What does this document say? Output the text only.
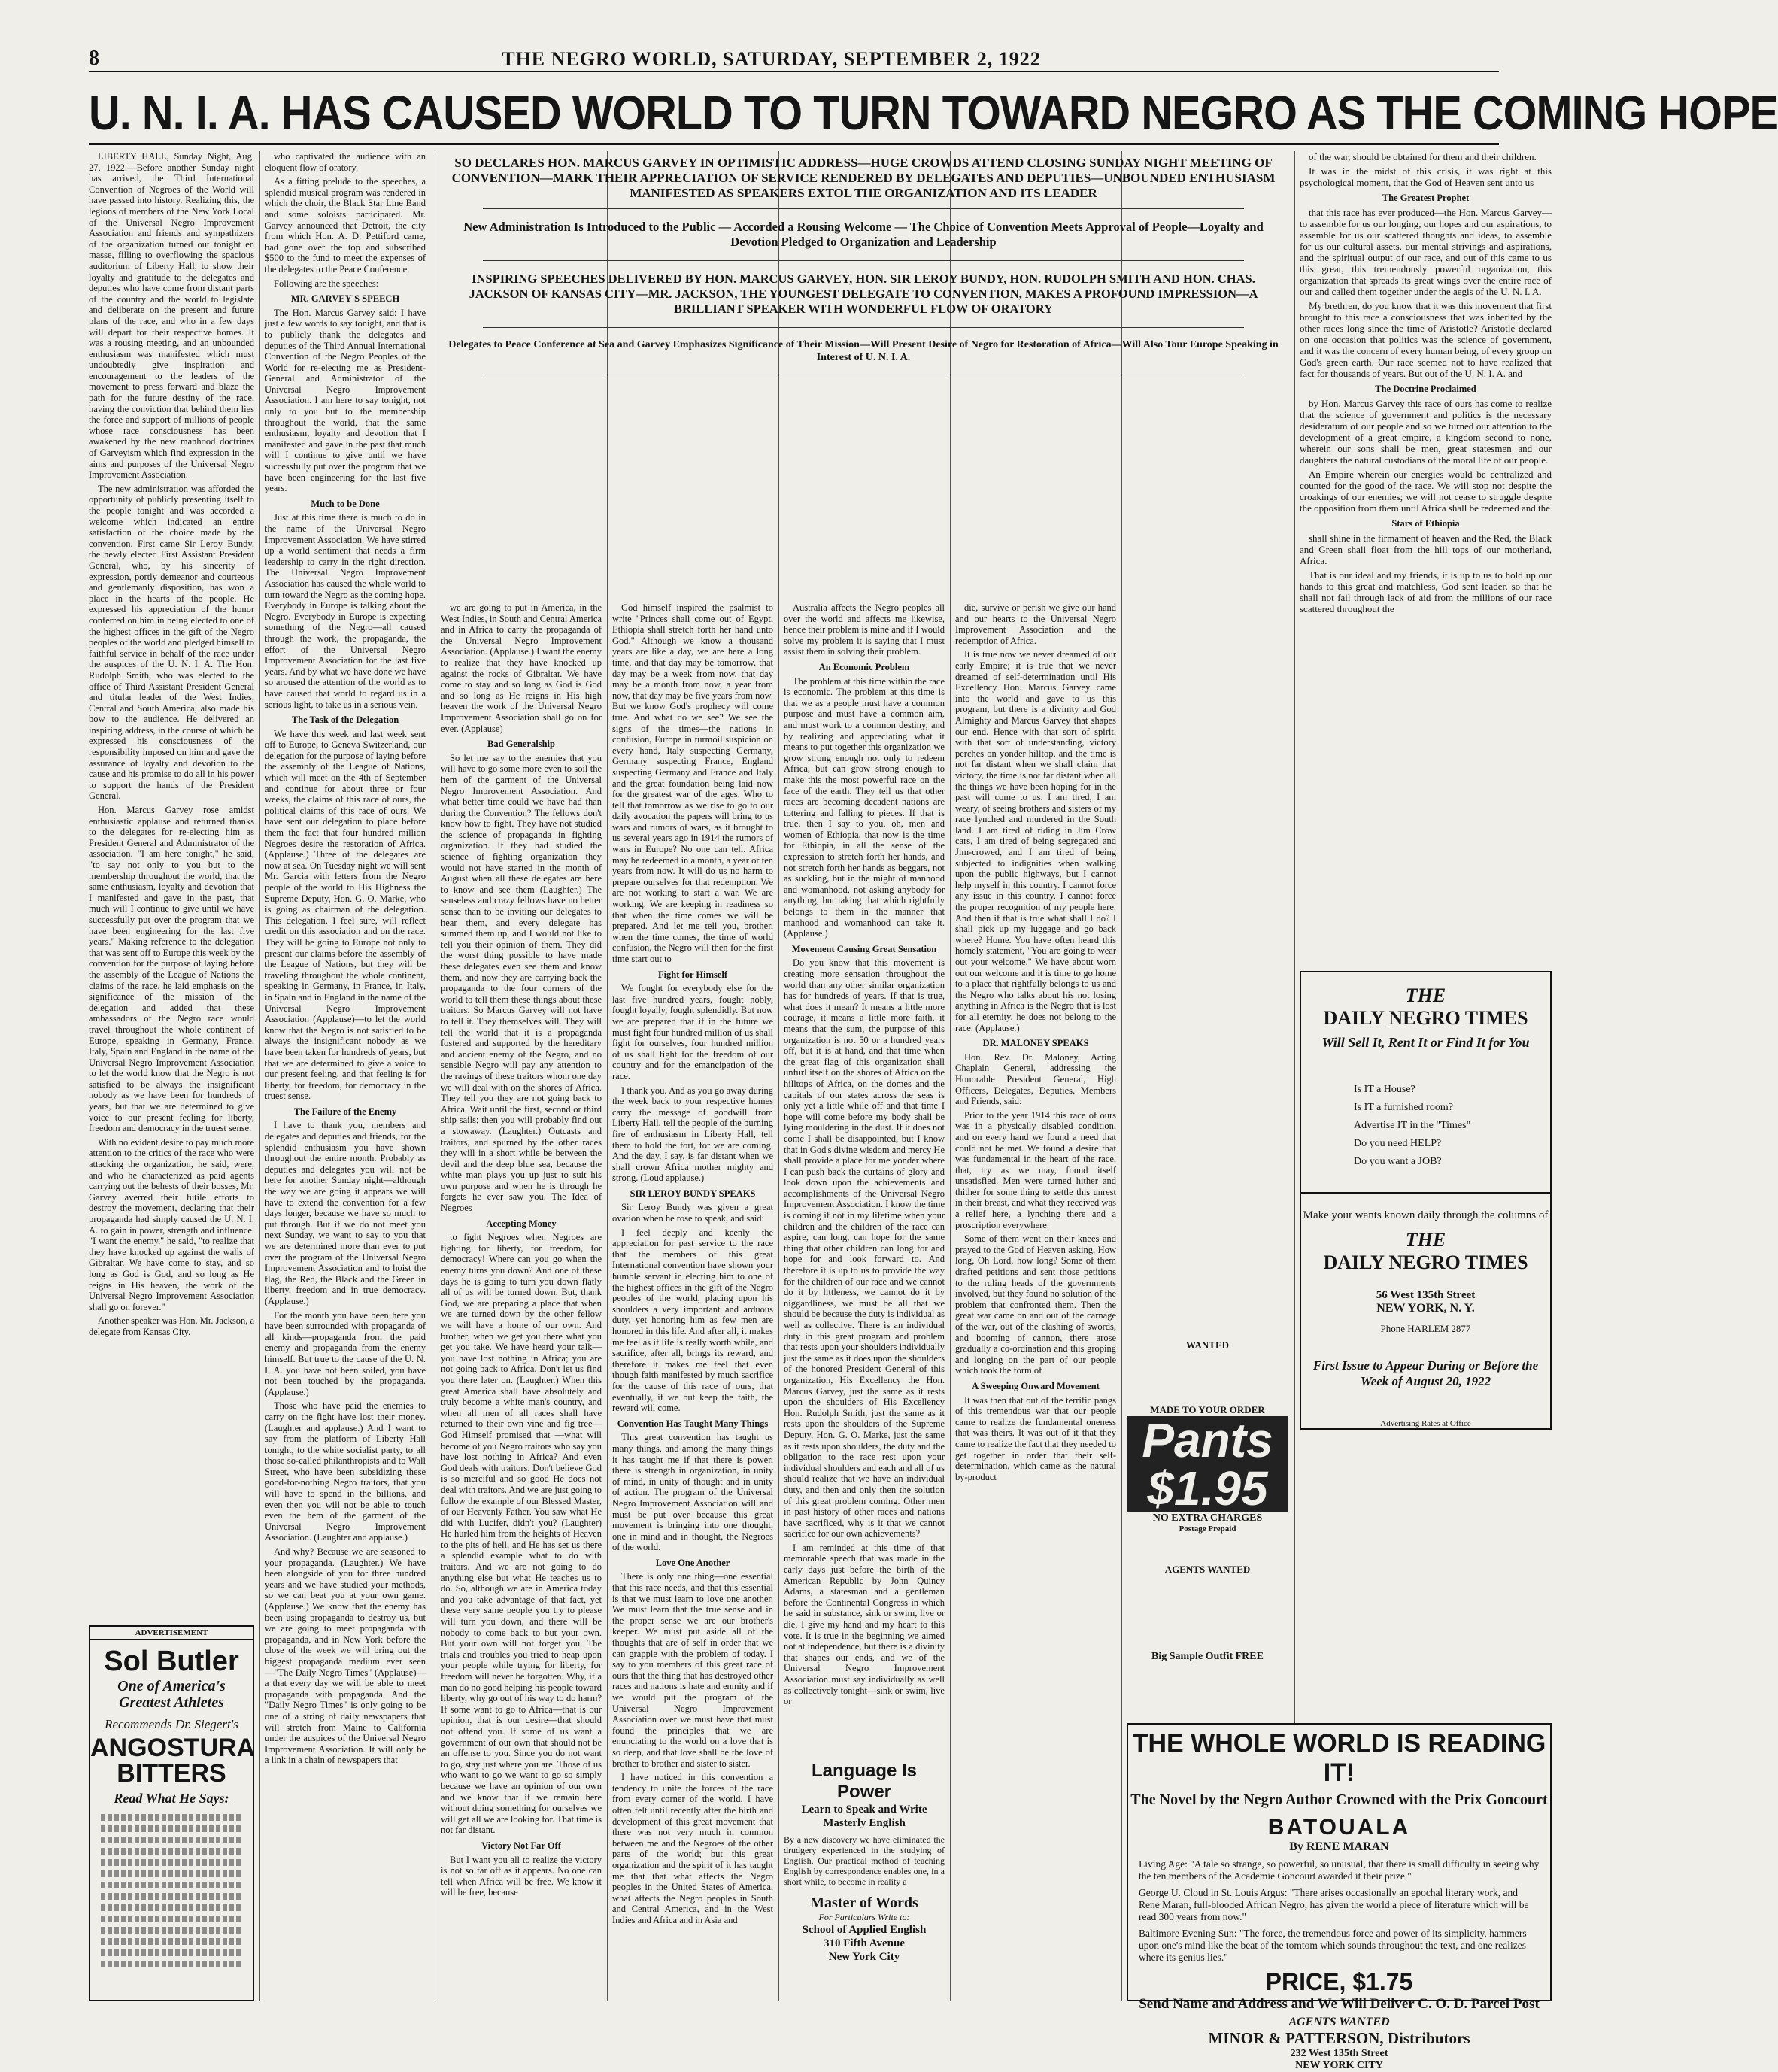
8	THE NEGRO WORLD, SATURDAY, SEPTEMBER 2, 1922
U. N. I. A. HAS CAUSED WORLD TO TURN TOWARD NEGRO AS THE COMING HOPE
SO DECLARES HON. MARCUS GARVEY IN OPTIMISTIC ADDRESS—HUGE CROWDS ATTEND CLOSING SUNDAY NIGHT MEETING OF CONVENTION—MARK THEIR APPRECIATION OF SERVICE RENDERED BY DELEGATES AND DEPUTIES—UNBOUNDED ENTHUSIASM MANIFESTED AS SPEAKERS EXTOL THE ORGANIZATION AND ITS LEADER
New Administration Is Introduced to the Public — Accorded a Rousing Welcome — The Choice of Convention Meets Approval of People—Loyalty and Devotion Pledged to Organization and Leadership
INSPIRING SPEECHES DELIVERED BY HON. MARCUS GARVEY, HON. SIR LEROY BUNDY, HON. RUDOLPH SMITH AND HON. CHAS. JACKSON OF KANSAS CITY—MR. JACKSON, THE YOUNGEST DELEGATE TO CONVENTION, MAKES A PROFOUND IMPRESSION—A BRILLIANT SPEAKER WITH WONDERFUL FLOW OF ORATORY
Delegates to Peace Conference at Sea and Garvey Emphasizes Significance of Their Mission—Will Present Desire of Negro for Restoration of Africa—Will Also Tour Europe Speaking in Interest of U. N. I. A.

LIBERTY HALL, Sunday Night, Aug. 27, 1922.—Before another Sunday night has arrived, the Third International Convention of Negroes of the World will have passed into history. Realizing this, the legions of members of the New York Local of the Universal Negro Improvement Association and friends and sympathizers of the organization turned out tonight en masse, filling to overflowing the spacious auditorium of Liberty Hall, to show their loyalty and gratitude to the delegates and deputies who have come from distant parts of the country and the world to legislate and deliberate on the present and future plans of the race, and who in a few days will depart for their respective homes. It was a rousing meeting, and an unbounded enthusiasm was manifested which must undoubtedly give inspiration and encouragement to the leaders of the movement to press forward and blaze the path for the future destiny of the race, having the conviction that behind them lies the force and support of millions of people whose race consciousness has been awakened by the new manhood doctrines of Garveyism which find expression in the aims and purposes of the Universal Negro Improvement Association.

The new administration was afforded the opportunity of publicly presenting itself to the people tonight and was accorded a welcome which indicated an entire satisfaction of the choice made by the convention. First came Sir Leroy Bundy, the newly elected First Assistant President General, who, by his sincerity of expression, portly demeanor and courteous and gentlemanly disposition, has won a place in the hearts of the people. He expressed his appreciation of the honor conferred on him in being elected to one of the highest offices in the gift of the Negro peoples of the world and pledged himself to faithful service in behalf of the race under the auspices of the U. N. I. A. The Hon. Rudolph Smith, who was elected to the office of Third Assistant President General and titular leader of the West Indies, Central and South America, also made his bow to the audience. He delivered an inspiring address, in the course of which he expressed his consciousness of the responsibility imposed on him and gave the assurance of loyalty and devotion to the cause and his promise to do all in his power to support the hands of the President General.

Hon. Marcus Garvey rose amidst enthusiastic applause and returned thanks to the delegates for re-electing him as President General and Administrator of the association. "I am here tonight," he said, "to say not only to you but to the membership throughout the world, that the same enthusiasm, loyalty and devotion that I manifested and gave in the past, that much will I continue to give until we have successfully put over the program that we have been engineering for the last five years." Making reference to the delegation that was sent off to Europe this week by the convention for the purpose of laying before the assembly of the League of Nations the claims of the race, he laid emphasis on the significance of the mission of the delegation and added that these ambassadors of the Negro race would travel throughout the whole continent of Europe, speaking in Germany, France, Italy, Spain and England in the name of the Universal Negro Improvement Association to let the world know that the Negro is not satisfied to be always the insignificant nobody as we have been for hundreds of years, but that we are determined to give voice to our present feeling for liberty, freedom and democracy in the truest sense.

With no evident desire to pay much more attention to the critics of the race who were attacking the organization, he said, were, and who he characterized as paid agents carrying out the behests of their bosses, Mr. Garvey averred their futile efforts to destroy the movement, declaring that their propaganda had simply caused the U. N. I. A. to gain in power, strength and influence. "I want the enemy," he said, "to realize that they have knocked up against the walls of Gibraltar. We have come to stay, and so long as God is God, and so long as He reigns in His heaven, the work of the Universal Negro Improvement Association shall go on forever."

Another speaker was Hon. Mr. Jackson, a delegate from Kansas City.

who captivated the audience with an eloquent flow of oratory.

As a fitting prelude to the speeches, a splendid musical program was rendered in which the choir, the Black Star Line Band and some soloists participated. Mr. Garvey announced that Detroit, the city from which Hon. A. D. Pettiford came, had gone over the top and subscribed $500 to the fund to meet the expenses of the delegates to the Peace Conference.

Following are the speeches:

MR. GARVEY'S SPEECH

The Hon. Marcus Garvey said: I have just a few words to say tonight, and that is to publicly thank the delegates and deputies of the Third Annual International Convention of the Negro Peoples of the World for re-electing me as President-General and Administrator of the Universal Negro Improvement Association. I am here to say tonight, not only to you but to the membership throughout the world, that the same enthusiasm, loyalty and devotion that I manifested and gave in the past that much will I continue to give until we have successfully put over the program that we have been engineering for the last five years.

Much to be Done

Just at this time there is much to do in the name of the Universal Negro Improvement Association. We have stirred up a world sentiment that needs a firm leadership to carry in the right direction. The Universal Negro Improvement Association has caused the whole world to turn toward the Negro as the coming hope. Everybody in Europe is talking about the Negro. Everybody in Europe is expecting something of the Negro—all caused through the work, the propaganda, the effort of the Universal Negro Improvement Association for the last five years. And by what we have done we have so aroused the attention of the world as to have caused that world to regard us in a serious light, to take us in a serious vein.

The Task of the Delegation

We have this week and last week sent off to Europe, to Geneva Switzerland, our delegation for the purpose of laying before the assembly of the League of Nations, which will meet on the 4th of September and continue for about three or four weeks, the claims of this race of ours, the political claims of this race of ours. We have sent our delegation to place before them the fact that four hundred million Negroes desire the restoration of Africa. (Applause.) Three of the delegates are now at sea. On Tuesday night we will sent Mr. Garcia with letters from the Negro people of the world to His Highness the Supreme Deputy, Hon. G. O. Marke, who is going as chairman of the delegation. This delegation, I feel sure, will reflect credit on this association and on the race. They will be going to Europe not only to present our claims before the assembly of the League of Nations, but they will be traveling throughout the whole continent, speaking in Germany, in France, in Italy, in Spain and in England in the name of the Universal Negro Improvement Association (Applause)—to let the world know that the Negro is not satisfied to be always the insignificant nobody as we have been taken for hundreds of years, but that we are determined to give a voice to our present feeling, and that feeling is for liberty, for freedom, for democracy in the truest sense.

The Failure of the Enemy

I have to thank you, members and delegates and deputies and friends, for the splendid enthusiasm you have shown throughout the entire month. Probably as deputies and delegates you will not be here for another Sunday night—although the way we are going it appears we will have to extend the convention for a few days longer, because we have so much to put through. But if we do not meet you next Sunday, we want to say to you that we are determined more than ever to put over the program of the Universal Negro Improvement Association and to hoist the flag, the Red, the Black and the Green in liberty, freedom and in true democracy. (Applause.)

For the month you have been here you have been surrounded with propaganda of all kinds—propaganda from the paid enemy and propaganda from the enemy himself. But true to the cause of the U. N. I. A. you have not been soiled, you have not been touched by the propaganda. (Applause.)

Those who have paid the enemies to carry on the fight have lost their money. (Laughter and applause.) And I want to say from the platform of Liberty Hall tonight, to the white socialist party, to all those so-called philanthropists and to Wall Street, who have been subsidizing these good-for-nothing Negro traitors, that you will have to spend in the billions, and even then you will not be able to touch even the hem of the garment of the Universal Negro Improvement Association. (Laughter and applause.)

And why? Because we are seasoned to your propaganda. (Laughter.) We have been alongside of you for three hundred years and we have studied your methods, so we can beat you at your own game. (Applause.) We know that the enemy has been using propaganda to destroy us, but we are going to meet propaganda with propaganda, and in New York before the close of the week we will bring out the biggest propaganda medium ever seen—"The Daily Negro Times" (Applause)—a that every day we will be able to meet propaganda with propaganda. And the "Daily Negro Times" is only going to be one of a string of daily newspapers that will stretch from Maine to California under the auspices of the Universal Negro Improvement Association. It will only be a link in a chain of newspapers that

we are going to put in America, in the West Indies, in South and Central America and in Africa to carry the propaganda of the Universal Negro Improvement Association. (Applause.) I want the enemy to realize that they have knocked up against the rocks of Gibraltar. We have come to stay and so long as God is God and so long as He reigns in His high heaven the work of the Universal Negro Improvement Association shall go on for ever. (Applause)

Bad Generalship

So let me say to the enemies that you will have to go some more even to soil the hem of the garment of the Universal Negro Improvement Association. And what better time could we have had than during the Convention? The fellows don't know how to fight. They have not studied the science of propaganda in fighting organization. If they had studied the science of fighting organization they would not have started in the month of August when all these delegates are here to know and see them (Laughter.) The senseless and crazy fellows have no better sense than to be inviting our delegates to hear them, and every delegate has summed them up, and I would not like to tell you their opinion of them. They did the worst thing possible to have made these delegates even see them and know them, and now they are carrying back the propaganda to the four corners of the world to tell them these things about these traitors. So Marcus Garvey will not have to tell it. They themselves will. They will tell the world that it is a propaganda fostered and supported by the hereditary and ancient enemy of the Negro, and no sensible Negro will pay any attention to the ravings of these traitors whom one day we will deal with on the shores of Africa. They tell you they are not going back to Africa. Wait until the first, second or third ship sails; then you will probably find out a stowaway. (Laughter.) Outcasts and traitors, and spurned by the other races they will in a short while be between the devil and the deep blue sea, because the white man plays you up just to suit his own purpose and when he is through he forgets he ever saw you. The Idea of Negroes

Accepting Money

to fight Negroes when Negroes are fighting for liberty, for freedom, for democracy! Where can you go when the enemy turns you down? And one of these days he is going to turn you down flatly all of us will be turned down. But, thank God, we are preparing a place that when we are turned down by the other fellow we will have a home of our own. And brother, when we get you there what you get you take. We have heard your talk—you have lost nothing in Africa; you are not going back to Africa. Don't let us find you there later on. (Laughter.) When this great America shall have absolutely and truly become a white man's country, and when all men of all races shall have returned to their own vine and fig tree—God Himself promised that —what will become of you Negro traitors who say you have lost nothing in Africa? And even God deals with traitors. Don't believe God is so merciful and so good He does not deal with traitors. And we are just going to follow the example of our Blessed Master, of our Heavenly Father. You saw what He did with Lucifer, didn't you? (Laughter) He hurled him from the heights of Heaven to the pits of hell, and He has set us there a splendid example what to do with traitors. And we are not going to do anything else but what He teaches us to do. So, although we are in America today and you take advantage of that fact, yet these very same people you try to please will turn you down, and there will be nobody to come back to but your own. But your own will not forget you. The trials and troubles you tried to heap upon your people while trying for liberty, for freedom will never be forgotten. Why, if a man do no good helping his people toward liberty, why go out of his way to do harm? If some want to go to Africa—that is our opinion, that is our desire—that should not offend you. If some of us want a government of our own that should not be an offense to you. Since you do not want to go, stay just where you are. Those of us who want to go we want to go so simply because we have an opinion of our own and we know that if we remain here without doing something for ourselves we will get all we are looking for. That time is not far distant.

Victory Not Far Off

But I want you all to realize the victory is not so far off as it appears. No one can tell when Africa will be free. We know it will be free, because

God himself inspired the psalmist to write "Princes shall come out of Egypt, Ethiopia shall stretch forth her hand unto God." Although we know a thousand years are like a day, we are here a long time, and that day may be tomorrow, that day may be a week from now, that day may be a month from now, a year from now, that day may be five years from now. But we know God's prophecy will come true. And what do we see? We see the signs of the times—the nations in confusion, Europe in turmoil suspicion on every hand, Italy suspecting Germany, Germany suspecting France, England suspecting Germany and France and Italy and the great foundation being laid now for the greatest war of the ages. Who to tell that tomorrow as we rise to go to our daily avocation the papers will bring to us wars and rumors of wars, as it brought to us several years ago in 1914 the rumors of wars in Europe? No one can tell. Africa may be redeemed in a month, a year or ten years from now. It will do us no harm to prepare ourselves for that redemption. We are not working to start a war. We are working. We are keeping in readiness so that when the time comes we will be prepared. And let me tell you, brother, when the time comes, the time of world confusion, the Negro will then for the first time start out to

Fight for Himself

We fought for everybody else for the last five hundred years, fought nobly, fought loyally, fought splendidly. But now we are prepared that if in the future we must fight four hundred million of us shall fight for ourselves, four hundred million of us shall fight for the freedom of our country and for the emancipation of the race.

I thank you. And as you go away during the week back to your respective homes carry the message of goodwill from Liberty Hall, tell the people of the burning fire of enthusiasm in Liberty Hall, tell them to hold the fort, for we are coming. And the day, I say, is far distant when we shall crown Africa mother mighty and strong. (Loud applause.)

SIR LEROY BUNDY SPEAKS

Sir Leroy Bundy was given a great ovation when he rose to speak, and said:

I feel deeply and keenly the appreciation for past service to the race that the members of this great International convention have shown your humble servant in electing him to one of the highest offices in the gift of the Negro peoples of the world, placing upon his shoulders a very important and arduous duty, yet honoring him as few men are honored in this life. And after all, it makes me feel as if life is really worth while, and sacrifice, after all, brings its reward, and therefore it makes me feel that even though faith manifested by much sacrifice for the cause of this race of ours, that eventually, if we but keep the faith, the reward will come.

Convention Has Taught Many Things

This great convention has taught us many things, and among the many things it has taught me if that there is power, there is strength in organization, in unity of mind, in unity of thought and in unity of action. The program of the Universal Negro Improvement Association will and must be put over because this great movement is bringing into one thought, one in mind and in thought, the Negroes of the world.

Love One Another

There is only one thing—one essential that this race needs, and that this essential is that we must learn to love one another. We must learn that the true sense and in the proper sense we are our brother's keeper. We must put aside all of the thoughts that are of self in order that we can grapple with the problem of today. I say to you members of this great race of ours that the thing that has destroyed other races and nations is hate and enmity and if we would put the program of the Universal Negro Improvement Association over we must have that must found the principles that we are enunciating to the world on a love that is so deep, and that love shall be the love of brother to brother and sister to sister.

I have noticed in this convention a tendency to unite the forces of the race from every corner of the world. I have often felt until recently after the birth and development of this great movement that there was not very much in common between me and the Negroes of the other parts of the world; but this great organization and the spirit of it has taught me that that what affects the Negro peoples in the United States of America, what affects the Negro peoples in South and Central America, and in the West Indies and Africa and in Asia and

Australia affects the Negro peoples all over the world and affects me likewise, hence their problem is mine and if I would solve my problem it is saying that I must assist them in solving their problem.

An Economic Problem

The problem at this time within the race is economic. The problem at this time is that we as a people must have a common purpose and must have a common aim, and must work to a common destiny, and by realizing and appreciating what it means to put together this organization we grow strong enough not only to redeem Africa, but can grow strong enough to make this the most powerful race on the face of the earth. They tell us that other races are becoming decadent nations are tottering and falling to pieces. If that is true, then I say to you, oh, men and women of Ethiopia, that now is the time for Ethiopia, in all the sense of the expression to stretch forth her hands, and not stretch forth her hands as beggars, not as suckling, but in the might of manhood and womanhood, not asking anybody for anything, but taking that which rightfully belongs to them in the manner that manhood and womanhood can take it. (Applause.)

Movement Causing Great Sensation

Do you know that this movement is creating more sensation throughout the world than any other similar organization has for hundreds of years. If that is true, what does it mean? It means a little more courage, it means a little more faith, it means that the sum, the purpose of this organization is not 50 or a hundred years off, but it is at hand, and that time when the great flag of this organization shall unfurl itself on the shores of Africa on the hilltops of Africa, on the domes and the capitals of our states across the seas is only yet a little while off and that time I hope will come before my body shall be lying mouldering in the dust. If it does not come I shall be disappointed, but I know that in God's divine wisdom and mercy He shall provide a place for me yonder where I can push back the curtains of glory and look down upon the achievements and accomplishments of the Universal Negro Improvement Association. I know the time is coming if not in my lifetime when your children and the children of the race can aspire, can long, can hope for the same thing that other children can long for and hope for and look forward to. And therefore it is up to us to provide the way for the children of our race and we cannot do it by littleness, we cannot do it by niggardliness, we must be all that we should be because the duty is individual as well as collective. There is an individual duty in this great program and problem that rests upon your shoulders individually just the same as it does upon the shoulders of the honored President General of this organization, His Excellency the Hon. Marcus Garvey, just the same as it rests upon the shoulders of His Excellency Hon. Rudolph Smith, just the same as it rests upon the shoulders of the Supreme Deputy, Hon. G. O. Marke, just the same as it rests upon shoulders, the duty and the obligation to the race rest upon your individual shoulders and each and all of us should realize that we have an individual duty, and then and only then the solution of this great problem coming. Other men in past history of other races and nations have sacrificed, why is it that we cannot sacrifice for our own achievements?

I am reminded at this time of that memorable speech that was made in the early days just before the birth of the American Republic by John Quincy Adams, a statesman and a gentleman before the Continental Congress in which he said in substance, sink or swim, live or die, I give my hand and my heart to this vote. It is true in the beginning we aimed not at independence, but there is a divinity that shapes our ends, and we of the Universal Negro Improvement Association must say individually as well as collectively tonight—sink or swim, live or

die, survive or perish we give our hand and our hearts to the Universal Negro Improvement Association and the redemption of Africa.

It is true now we never dreamed of our early Empire; it is true that we never dreamed of self-determination until His Excellency Hon. Marcus Garvey came into the world and gave to us this program, but there is a divinity and God Almighty and Marcus Garvey that shapes our end. Hence with that sort of spirit, with that sort of understanding, victory perches on yonder hilltop, and the time is not far distant when we shall claim that victory, the time is not far distant when all the things we have been hoping for in the past will come to us. I am tired, I am weary, of seeing brothers and sisters of my race lynched and murdered in the South land. I am tired of riding in Jim Crow cars, I am tired of being segregated and Jim-crowed, and I am tired of being subjected to indignities when walking upon the public highways, but I cannot help myself in this country. I cannot force any issue in this country. I cannot force the proper recognition of my people here. And then if that is true what shall I do? I shall pick up my luggage and go back where? Home. You have often heard this homely statement, "You are going to wear out your welcome." We have about worn out our welcome and it is time to go home to a place that rightfully belongs to us and the Negro who talks about his not losing anything in Africa is the Negro that is lost for all eternity, he does not belong to the race. (Applause.)

DR. MALONEY SPEAKS

Hon. Rev. Dr. Maloney, Acting Chaplain General, addressing the Honorable President General, High Officers, Delegates, Deputies, Members and Friends, said:

Prior to the year 1914 this race of ours was in a physically disabled condition, and on every hand we found a need that could not be met. We found a desire that was fundamental in the heart of the race, that, try as we may, found itself unsatisfied. Men were turned hither and thither for some thing to settle this unrest in their breast, and what they received was a relief here, a lynching there and a proscription everywhere.

Some of them went on their knees and prayed to the God of Heaven asking, How long, Oh Lord, how long? Some of them drafted petitions and sent those petitions to the ruling heads of the governments involved, but they found no solution of the problem that confronted them. Then the great war came on and out of the carnage of the war, out of the clashing of swords, and booming of cannon, there arose gradually a co-ordination and this groping and longing on the part of our people which took the form of

A Sweeping Onward Movement

It was then that out of the terrific pangs of this tremendous war that our people came to realize the fundamental oneness that was theirs. It was out of it that they came to realize the fact that they needed to get together in order that their self-determination, which came as the natural by-product

of the war, should be obtained for them and their children.

It was in the midst of this crisis, it was right at this psychological moment, that the God of Heaven sent unto us

The Greatest Prophet

that this race has ever produced—the Hon. Marcus Garvey—to assemble for us our longing, our hopes and our aspirations, to assemble for us our scattered thoughts and ideas, to assemble for us our cultural assets, our mental strivings and aspirations, and the spiritual output of our race, and out of this came to us this great, this tremendously powerful organization, this organization that spreads its great wings over the entire race of our and called them together under the aegis of the U. N. I. A.

My brethren, do you know that it was this movement that first brought to this race a consciousness that was inherited by the other races long since the time of Aristotle? Aristotle declared on one occasion that politics was the science of government, and it was the concern of every human being, of every group on God's green earth. Our race seemed not to have realized that fact for thousands of years. But out of the U. N. I. A. and

The Doctrine Proclaimed

by Hon. Marcus Garvey this race of ours has come to realize that the science of government and politics is the necessary desideratum of our people and so we turned our attention to the development of a great empire, a kingdom second to none, wherein our sons shall be men, great statesmen and our daughters the natural custodians of the moral life of our people.

An Empire wherein our energies would be centralized and counted for the good of the race. We will stop not despite the croakings of our enemies; we will not cease to struggle despite the opposition from them until Africa shall be redeemed and the

Stars of Ethiopia

shall shine in the firmament of heaven and the Red, the Black and Green shall float from the hill tops of our motherland, Africa.

That is our ideal and my friends, it is up to us to hold up our hands to this great and matchless, God sent leader, so that he shall not fail through lack of aid from the millions of our race scattered throughout the

ADVERTISEMENT
Sol Butler
One of America's Greatest Athletes
Recommends Dr. Siegert's
ANGOSTURA BITTERS
Read What He Says:
THE
DAILY NEGRO TIMES
Will Sell It, Rent It or Find It for You
Is IT a House?
Is IT a furnished room?
Advertise IT in the "Times"
Do you need HELP?
Do you want a JOB?
Make your wants known daily through the columns of
THE
DAILY NEGRO TIMES
56 West 135th Street
NEW YORK, N. Y.
Phone HARLEM 2877
First Issue to Appear During or Before the Week of August 20, 1922
Advertising Rates at Office
WANTED
MADE TO YOUR ORDER
Pants $1.95
NO EXTRA CHARGES
Postage Prepaid
AGENTS WANTED
Big Sample Outfit FREE
THE WHOLE WORLD IS READING IT!
The Novel by the Negro Author Crowned with the Prix Goncourt
BATOUALA
By RENE MARAN
Living Age: "A tale so strange, so powerful, so unusual, that there is small difficulty in seeing why the ten members of the Academie Goncourt awarded it their prize."
George U. Cloud in St. Louis Argus: "There arises occasionally an epochal literary work, and Rene Maran, full-blooded African Negro, has given the world a piece of literature which will be read 300 years from now."
Baltimore Evening Sun: "The force, the tremendous force and power of its simplicity, hammers upon one's mind like the beat of the tomtom which sounds throughout the text, and one realizes where its genius lies."
PRICE, $1.75
Send Name and Address and We Will Deliver C. O. D. Parcel Post
AGENTS WANTED
MINOR & PATTERSON, Distributors
232 West 135th Street
NEW YORK CITY
Language Is Power
Learn to Speak and Write Masterly English
By a new discovery we have eliminated the drudgery experienced in the studying of English. Our practical method of teaching English by correspondence enables one, in a short while, to become in reality a
Master of Words
For Particulars Write to:
School of Applied English
310 Fifth Avenue
New York City
